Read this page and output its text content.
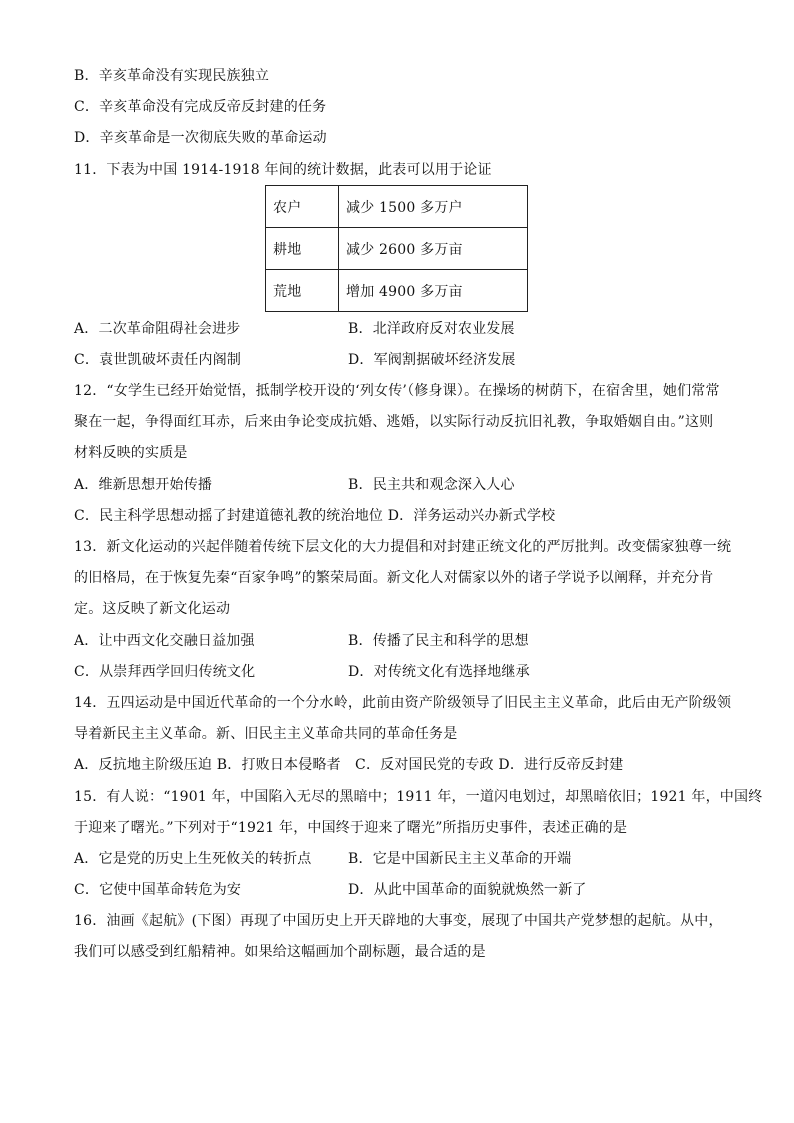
B．辛亥革命没有实现民族独立
C．辛亥革命没有完成反帝反封建的任务
D．辛亥革命是一次彻底失败的革命运动
11．下表为中国 1914-1918 年间的统计数据，此表可以用于论证
农户	减少 1500 多万户
耕地	减少 2600 多万亩
荒地	增加 4900 多万亩
A．二次革命阻碍社会进步	B．北洋政府反对农业发展
C．袁世凯破坏责任内阁制	D．军阀割据破坏经济发展
12．“女学生已经开始觉悟，抵制学校开设的‘列女传’（修身课）。在操场的树荫下，在宿舍里，她们常常
聚在一起，争得面红耳赤，后来由争论变成抗婚、逃婚，以实际行动反抗旧礼教，争取婚姻自由。”这则
材料反映的实质是
A．维新思想开始传播	B．民主共和观念深入人心
C．民主科学思想动摇了封建道德礼教的统治地位 D．洋务运动兴办新式学校
13．新文化运动的兴起伴随着传统下层文化的大力提倡和对封建正统文化的严厉批判。改变儒家独尊一统
的旧格局，在于恢复先秦“百家争鸣”的繁荣局面。新文化人对儒家以外的诸子学说予以阐释，并充分肯
定。这反映了新文化运动
A．让中西文化交融日益加强	B．传播了民主和科学的思想
C．从崇拜西学回归传统文化	D．对传统文化有选择地继承
14．五四运动是中国近代革命的一个分水岭，此前由资产阶级领导了旧民主主义革命，此后由无产阶级领
导着新民主主义革命。新、旧民主主义革命共同的革命任务是
A．反抗地主阶级压迫 B．打败日本侵略者　C．反对国民党的专政 D．进行反帝反封建
15．有人说：“1901 年，中国陷入无尽的黑暗中；1911 年，一道闪电划过，却黑暗依旧；1921 年，中国终
于迎来了曙光。”下列对于“1921 年，中国终于迎来了曙光”所指历史事件，表述正确的是
A．它是党的历史上生死攸关的转折点	B．它是中国新民主主义革命的开端
C．它使中国革命转危为安	D．从此中国革命的面貌就焕然一新了
16．油画《起航》(下图）再现了中国历史上开天辟地的大事变，展现了中国共产党梦想的起航。从中，
我们可以感受到红船精神。如果给这幅画加个副标题，最合适的是
